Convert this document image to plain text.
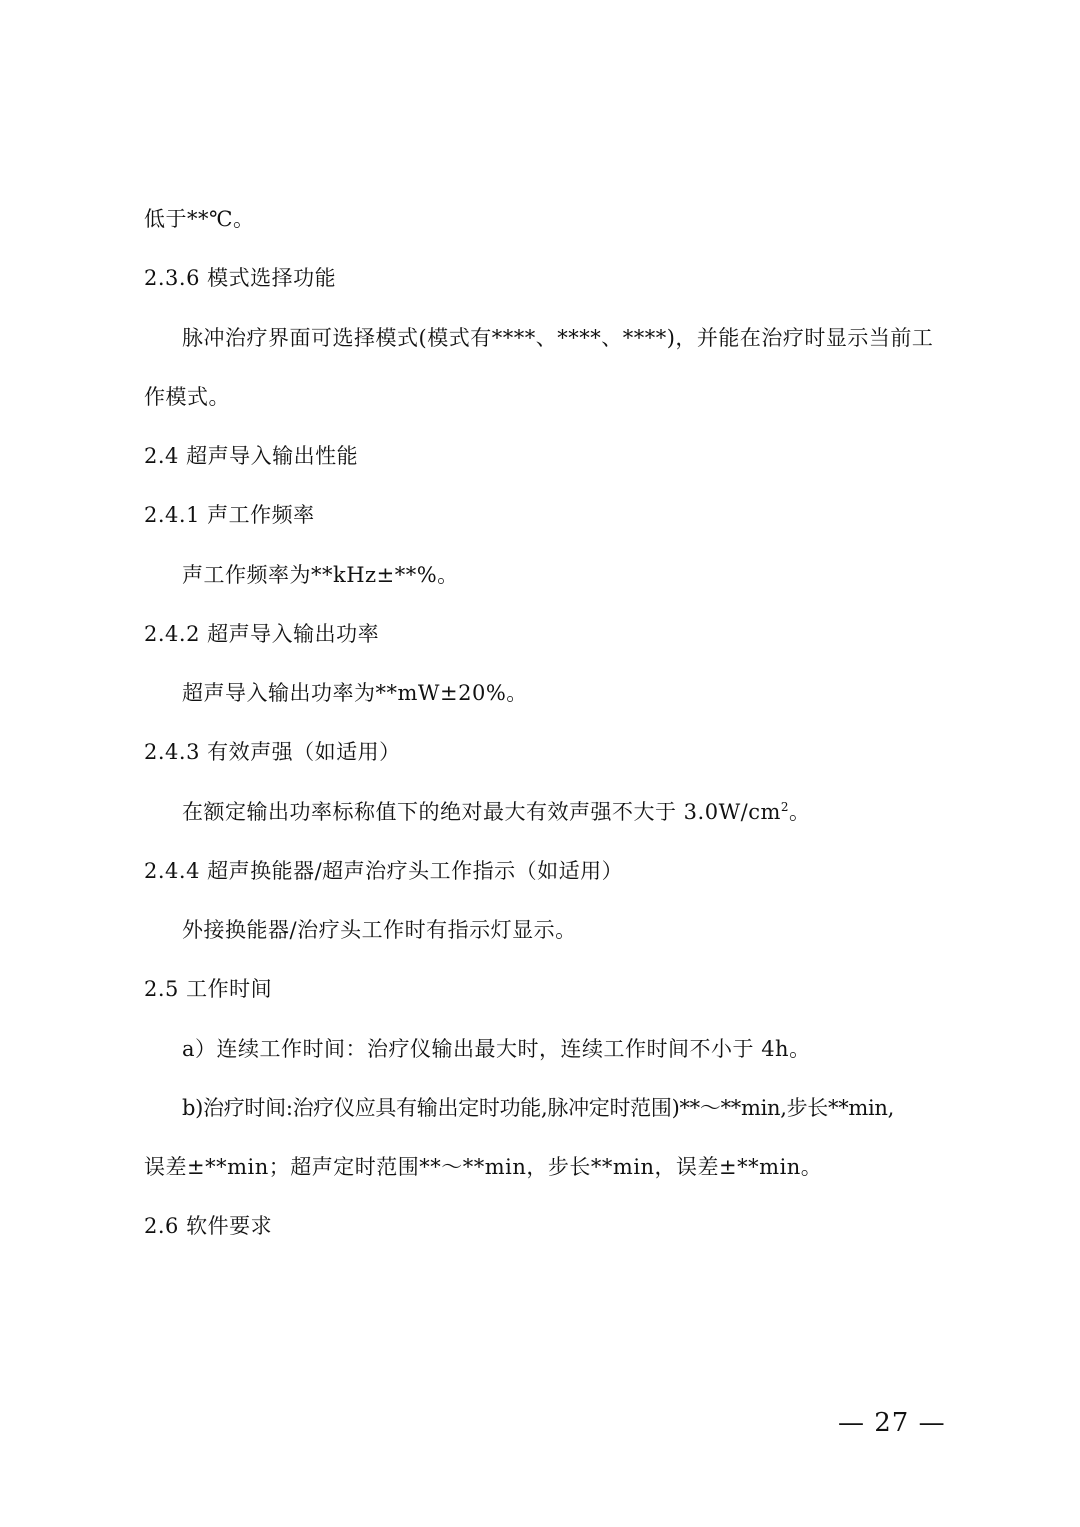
低于**℃。
2.3.6 模式选择功能
脉冲治疗界面可选择模式(模式有****、****、****)，并能在治疗时显示当前工
作模式。
2.4 超声导入输出性能
2.4.1 声工作频率
声工作频率为**kHz±**%。
2.4.2 超声导入输出功率
超声导入输出功率为**mW±20%。
2.4.3 有效声强（如适用）
在额定输出功率标称值下的绝对最大有效声强不大于 $3.0W/cm^2$。
2.4.4 超声换能器/超声治疗头工作指示（如适用）
外接换能器/治疗头工作时有指示灯显示。
2.5 工作时间
a）连续工作时间：治疗仪输出最大时，连续工作时间不小于 4h。
b)治疗时间:治疗仪应具有输出定时功能,脉冲定时范围)**～**min,步长**min,
误差±**min；超声定时范围**～**min，步长**min，误差±**min。
2.6 软件要求
— 27 —
